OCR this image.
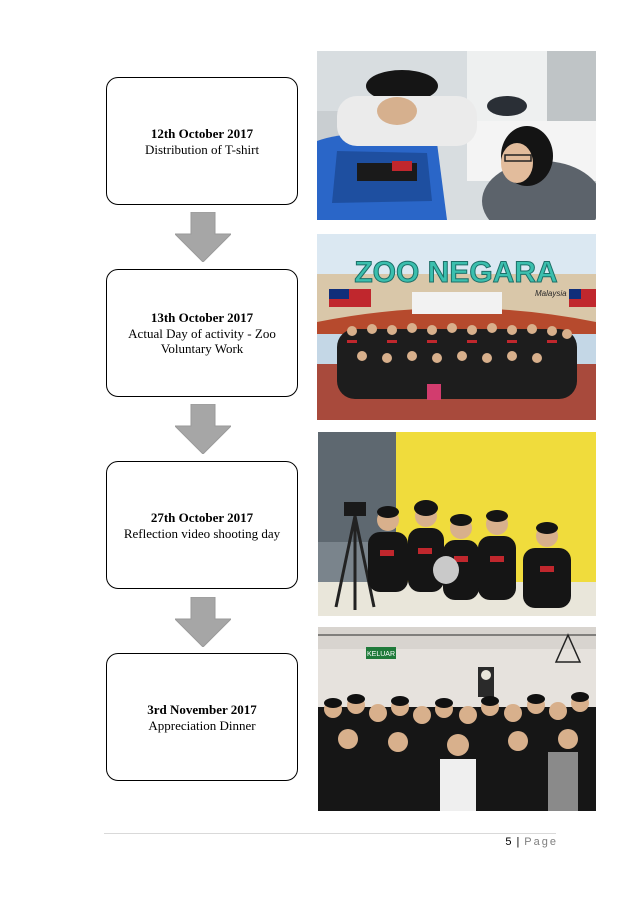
12th October 2017
Distribution of T-shirt
13th October 2017
Actual Day of activity - Zoo Voluntary Work
27th October 2017
Reflection video shooting day
3rd November 2017
Appreciation Dinner
ZOO NEGARA
Malaysia
KELUAR
5 | Page
